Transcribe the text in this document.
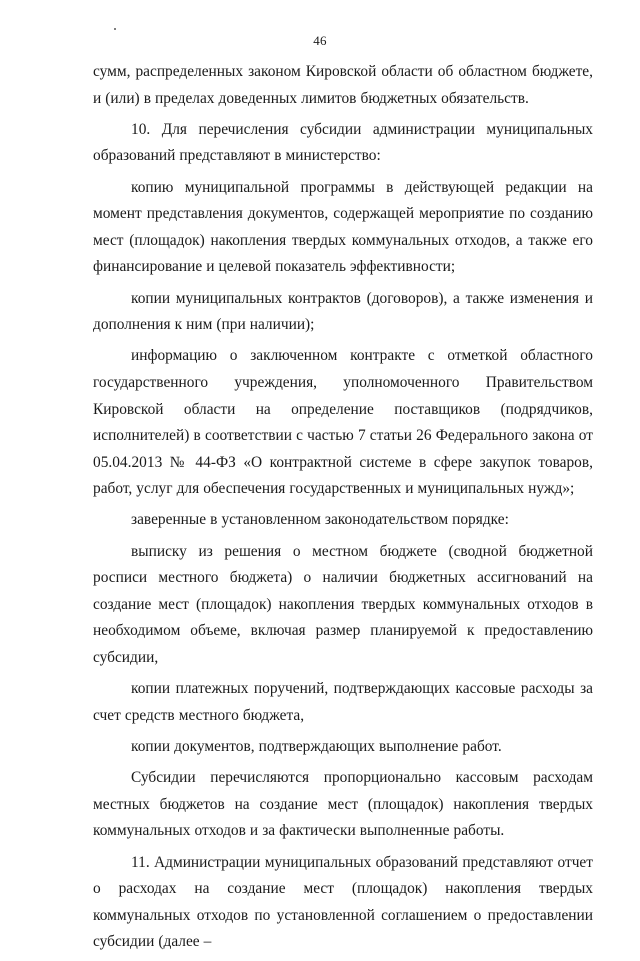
46

сумм, распределенных законом Кировской области об областном бюджете, и (или) в пределах доведенных лимитов бюджетных обязательств.

10. Для перечисления субсидии администрации муниципальных образований представляют в министерство:

копию муниципальной программы в действующей редакции на момент представления документов, содержащей мероприятие по созданию мест (площадок) накопления твердых коммунальных отходов, а также его финансирование и целевой показатель эффективности;

копии муниципальных контрактов (договоров), а также изменения и дополнения к ним (при наличии);

информацию о заключенном контракте с отметкой областного государственного учреждения, уполномоченного Правительством Кировской области на определение поставщиков (подрядчиков, исполнителей) в соответствии с частью 7 статьи 26 Федерального закона от 05.04.2013 № 44-ФЗ «О контрактной системе в сфере закупок товаров, работ, услуг для обеспечения государственных и муниципальных нужд»;

заверенные в установленном законодательством порядке:

выписку из решения о местном бюджете (сводной бюджетной росписи местного бюджета) о наличии бюджетных ассигнований на создание мест (площадок) накопления твердых коммунальных отходов в необходимом объеме, включая размер планируемой к предоставлению субсидии,

копии платежных поручений, подтверждающих кассовые расходы за счет средств местного бюджета,

копии документов, подтверждающих выполнение работ.

Субсидии перечисляются пропорционально кассовым расходам местных бюджетов на создание мест (площадок) накопления твердых коммунальных отходов и за фактически выполненные работы.

11. Администрации муниципальных образований представляют отчет о расходах на создание мест (площадок) накопления твердых коммунальных отходов по установленной соглашением о предоставлении субсидии (далее –
